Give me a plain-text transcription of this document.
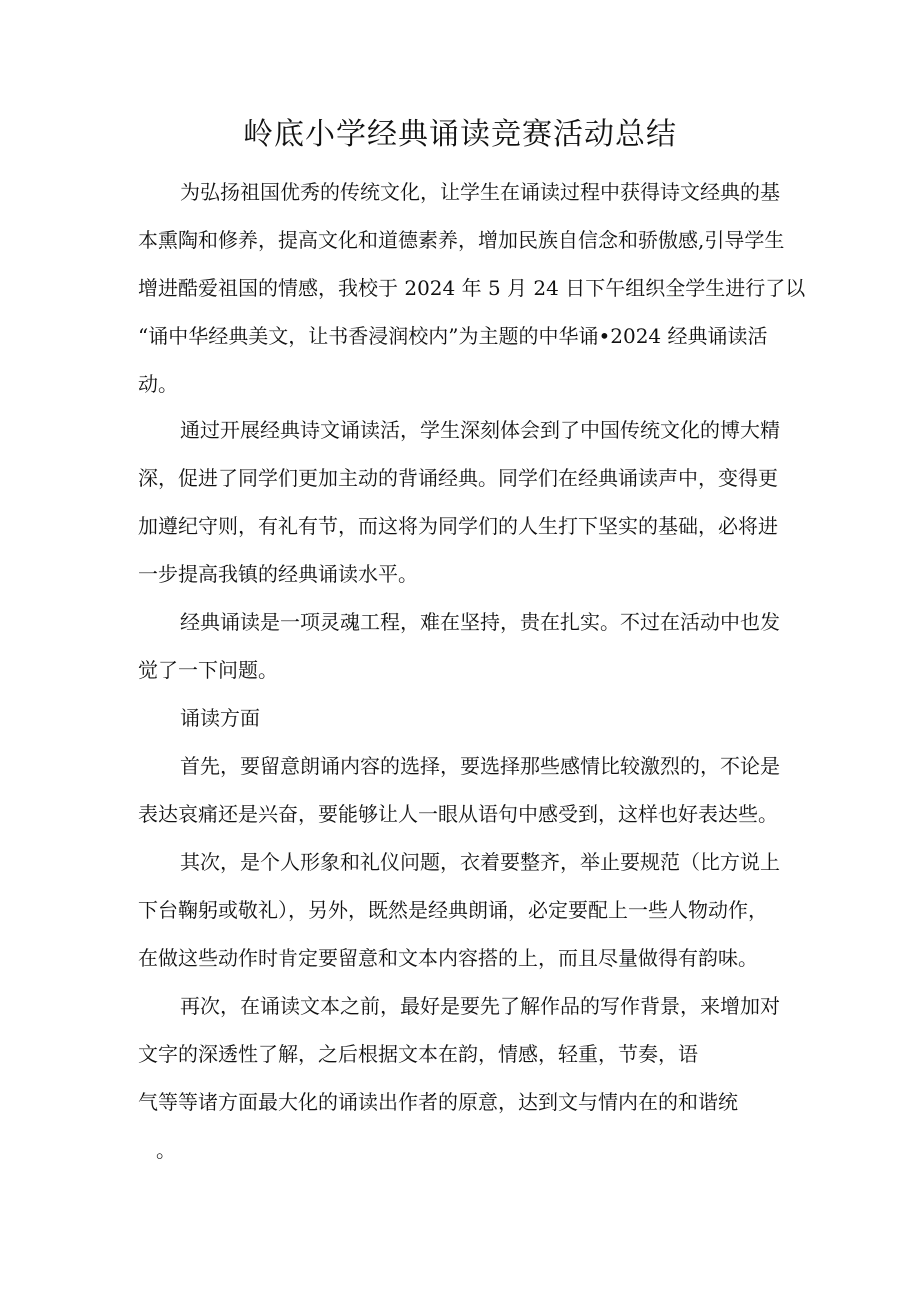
岭底小学经典诵读竞赛活动总结
为弘扬祖国优秀的传统文化，让学生在诵读过程中获得诗文经典的基
本熏陶和修养，提高文化和道德素养，增加民族自信念和骄傲感,引导学生
增进酷爱祖国的情感，我校于 2024 年 5 月 24 日下午组织全学生进行了以
“诵中华经典美文，让书香浸润校内”为主题的中华诵•2024 经典诵读活
动。
通过开展经典诗文诵读活，学生深刻体会到了中国传统文化的博大精
深，促进了同学们更加主动的背诵经典。同学们在经典诵读声中，变得更
加遵纪守则，有礼有节，而这将为同学们的人生打下坚实的基础，必将进
一步提高我镇的经典诵读水平。
经典诵读是一项灵魂工程，难在坚持，贵在扎实。不过在活动中也发
觉了一下问题。
诵读方面
首先，要留意朗诵内容的选择，要选择那些感情比较激烈的，不论是
表达哀痛还是兴奋，要能够让人一眼从语句中感受到，这样也好表达些。
其次，是个人形象和礼仪问题，衣着要整齐，举止要规范（比方说上
下台鞠躬或敬礼），另外，既然是经典朗诵，必定要配上一些人物动作，
在做这些动作时肯定要留意和文本内容搭的上，而且尽量做得有韵味。
再次，在诵读文本之前，最好是要先了解作品的写作背景，来增加对
文字的深透性了解，之后根据文本在韵，情感，轻重，节奏，语
气等等诸方面最大化的诵读出作者的原意，达到文与情内在的和谐统
。
